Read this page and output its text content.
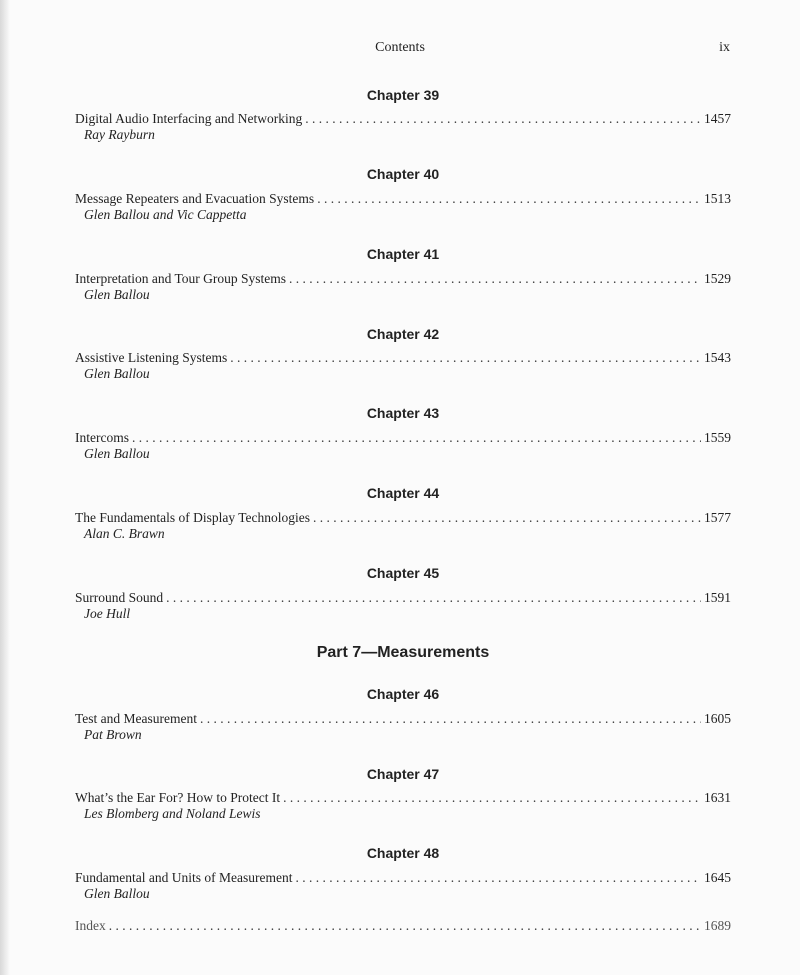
Contents	ix
Chapter 39
Digital Audio Interfacing and Networking . . .	1457
Ray Rayburn
Chapter 40
Message Repeaters and Evacuation Systems . . .	1513
Glen Ballou and Vic Cappetta
Chapter 41
Interpretation and Tour Group Systems . . .	1529
Glen Ballou
Chapter 42
Assistive Listening Systems . . .	1543
Glen Ballou
Chapter 43
Intercoms . . .	1559
Glen Ballou
Chapter 44
The Fundamentals of Display Technologies . . .	1577
Alan C. Brawn
Chapter 45
Surround Sound . . .	1591
Joe Hull
Part 7—Measurements
Chapter 46
Test and Measurement . . .	1605
Pat Brown
Chapter 47
What’s the Ear For? How to Protect It . . .	1631
Les Blomberg and Noland Lewis
Chapter 48
Fundamental and Units of Measurement . . .	1645
Glen Ballou
Index . . .	1689
